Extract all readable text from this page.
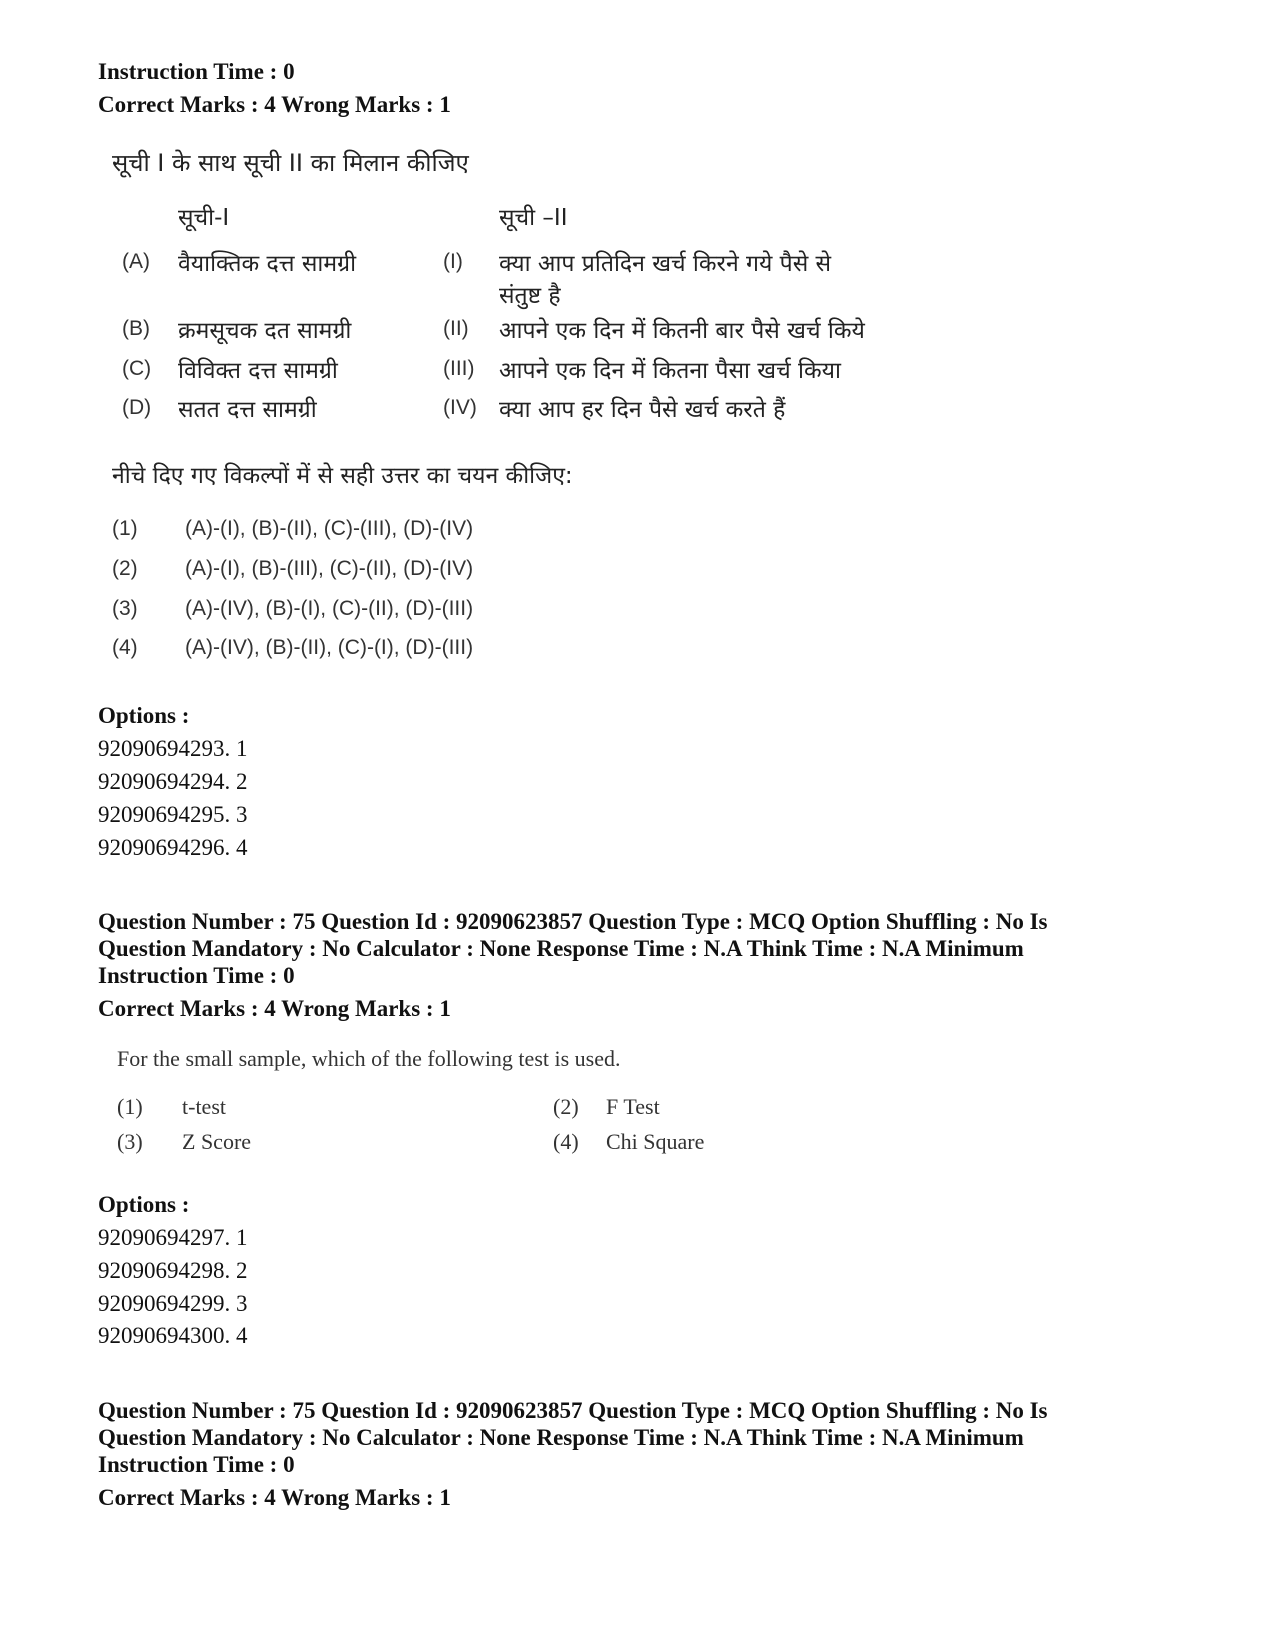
Instruction Time : 0
Correct Marks : 4 Wrong Marks : 1
सूची I के साथ सूची II का मिलान कीजिए
सूची-I	सूची –II
(A) वैयाक्तिक दत्त सामग्री	(I) क्या आप प्रतिदिन खर्च किरने गये पैसे से
संतुष्ट है
(B) क्रमसूचक दत सामग्री	(II) आपने एक दिन में कितनी बार पैसे खर्च किये
(C) विविक्त दत्त सामग्री	(III) आपने एक दिन में कितना पैसा खर्च किया
(D) सतत दत्त सामग्री	(IV) क्या आप हर दिन पैसे खर्च करते हैं
नीचे दिए गए विकल्पों में से सही उत्तर का चयन कीजिए:
(1) (A)-(I), (B)-(II), (C)-(III), (D)-(IV)
(2) (A)-(I), (B)-(III), (C)-(II), (D)-(IV)
(3) (A)-(IV), (B)-(I), (C)-(II), (D)-(III)
(4) (A)-(IV), (B)-(II), (C)-(I), (D)-(III)
Options :
92090694293. 1
92090694294. 2
92090694295. 3
92090694296. 4
Question Number : 75 Question Id : 92090623857 Question Type : MCQ Option Shuffling : No Is
Question Mandatory : No Calculator : None Response Time : N.A Think Time : N.A Minimum
Instruction Time : 0
Correct Marks : 4 Wrong Marks : 1
For the small sample, which of the following test is used.
(1) t-test	(2) F Test
(3) Z Score	(4) Chi Square
Options :
92090694297. 1
92090694298. 2
92090694299. 3
92090694300. 4
Question Number : 75 Question Id : 92090623857 Question Type : MCQ Option Shuffling : No Is
Question Mandatory : No Calculator : None Response Time : N.A Think Time : N.A Minimum
Instruction Time : 0
Correct Marks : 4 Wrong Marks : 1
